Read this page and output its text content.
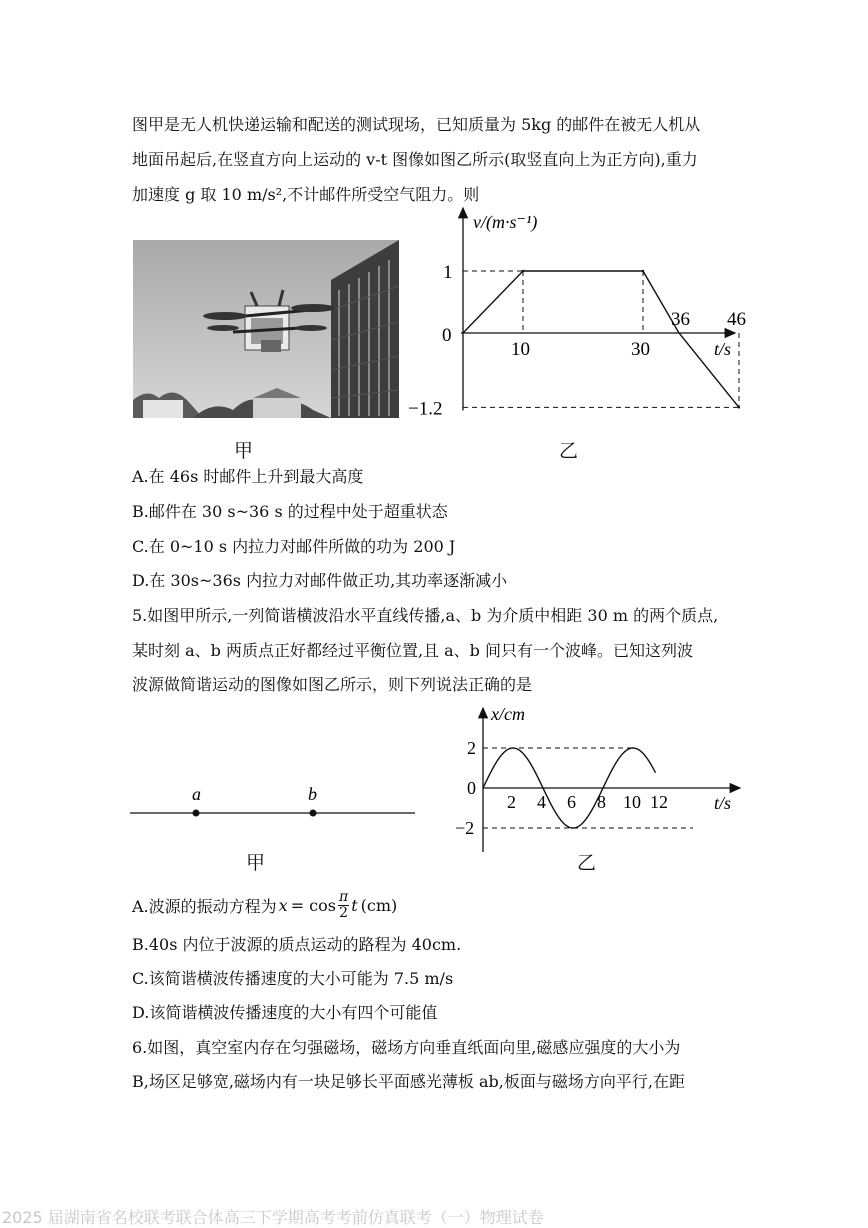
图甲是无人机快递运输和配送的测试现场，已知质量为 5kg 的邮件在被无人机从
地面吊起后,在竖直方向上运动的 v-t 图像如图乙所示(取竖直向上为正方向),重力
加速度 g 取 10 m/s²,不计邮件所受空气阻力。则
甲
10	30
36 46
1
0
−1.2
v/(m·s⁻¹)
t/s
乙
A.在 46s 时邮件上升到最大高度
B.邮件在 30 s~36 s 的过程中处于超重状态
C.在 0~10 s 内拉力对邮件所做的功为 200 J
D.在 30s~36s 内拉力对邮件做正功,其功率逐渐减小
5.如图甲所示,一列简谐横波沿水平直线传播,a、b 为介质中相距 30 m 的两个质点,
某时刻 a、b 两质点正好都经过平衡位置,且 a、b 间只有一个波峰。已知这列波
波源做简谐运动的图像如图乙所示，则下列说法正确的是
a	b
甲
2 4 6 8 10 12
2
0
−2
x/cm
t/s
乙
A.波源的振动方程为 $x = \cos \frac{\pi}{2}$ t (cm)
B.40s 内位于波源的质点运动的路程为 40cm.
C.该简谐横波传播速度的大小可能为 7.5 m/s
D.该简谐横波传播速度的大小有四个可能值
6.如图，真空室内存在匀强磁场，磁场方向垂直纸面向里,磁感应强度的大小为
B,场区足够宽,磁场内有一块足够长平面感光薄板 ab,板面与磁场方向平行,在距
2025 届湖南省名校联考联合体高三下学期高考考前仿真联考（一）物理试卷
